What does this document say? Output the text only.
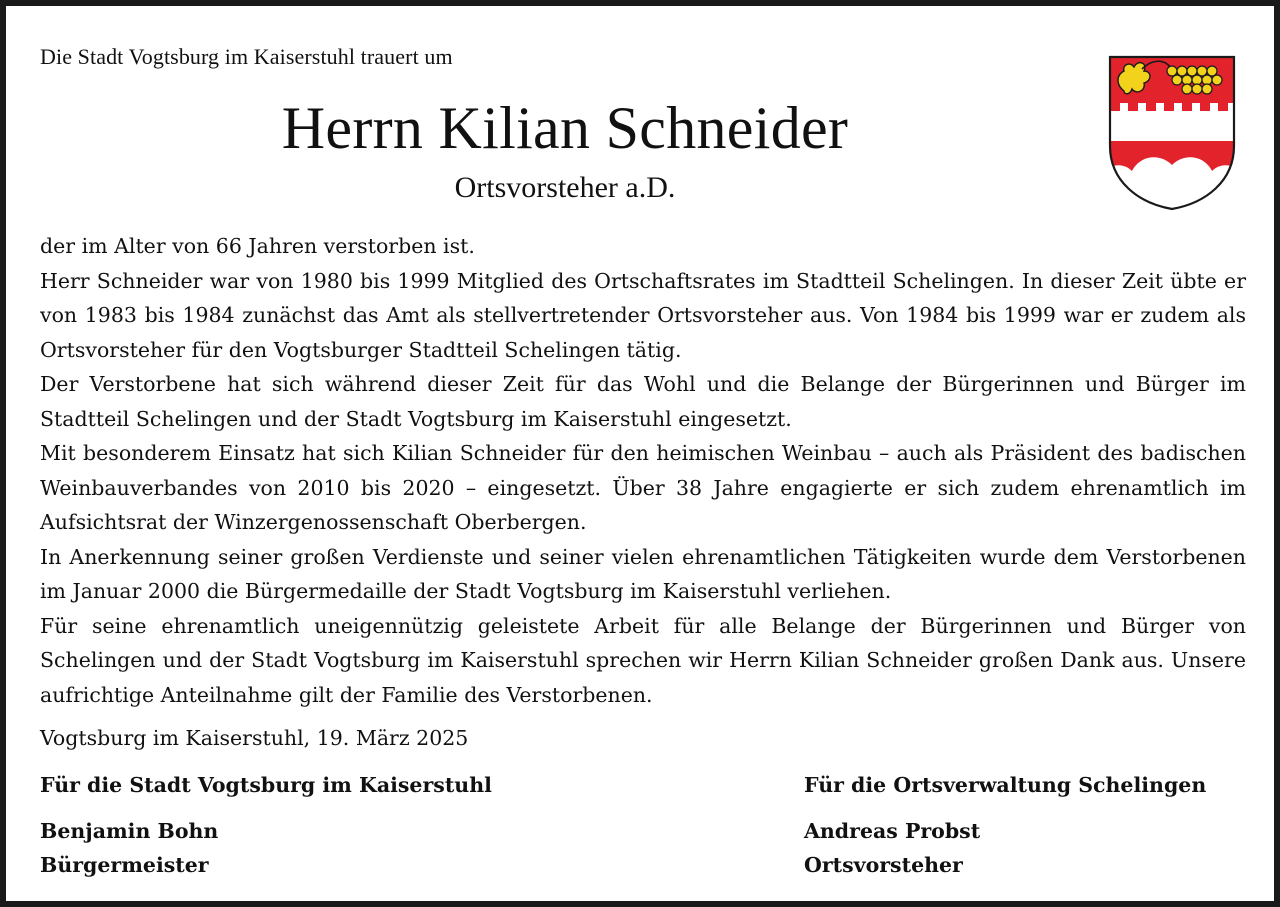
Die Stadt Vogtsburg im Kaiserstuhl trauert um
Herrn Kilian Schneider
Ortsvorsteher a.D.

der im Alter von 66 Jahren verstorben ist.

Herr Schneider war von 1980 bis 1999 Mitglied des Ortschaftsrates im Stadtteil Schelingen. In dieser Zeit übte er von 1983 bis 1984 zunächst das Amt als stellvertretender Ortsvorsteher aus. Von 1984 bis 1999 war er zudem als Ortsvorsteher für den Vogtsburger Stadtteil Schelingen tätig.

Der Verstorbene hat sich während dieser Zeit für das Wohl und die Belange der Bürgerinnen und Bürger im Stadtteil Schelingen und der Stadt Vogtsburg im Kaiserstuhl eingesetzt.

Mit besonderem Einsatz hat sich Kilian Schneider für den heimischen Weinbau – auch als Präsident des badischen Weinbauverbandes von 2010 bis 2020 – eingesetzt. Über 38 Jahre engagierte er sich zudem ehrenamtlich im Aufsichtsrat der Winzergenossenschaft Oberbergen.

In Anerkennung seiner großen Verdienste und seiner vielen ehrenamtlichen Tätigkeiten wurde dem Verstorbenen im Januar 2000 die Bürgermedaille der Stadt Vogtsburg im Kaiserstuhl verliehen.

Für seine ehrenamtlich uneigennützig geleistete Arbeit für alle Belange der Bürgerinnen und Bürger von Schelingen und der Stadt Vogtsburg im Kaiserstuhl sprechen wir Herrn Kilian Schneider großen Dank aus. Unsere aufrichtige Anteilnahme gilt der Familie des Verstorbenen.

Vogtsburg im Kaiserstuhl, 19. März 2025
Für die Stadt Vogtsburg im Kaiserstuhl
Benjamin Bohn
Bürgermeister
Für die Ortsverwaltung Schelingen
Andreas Probst
Ortsvorsteher
